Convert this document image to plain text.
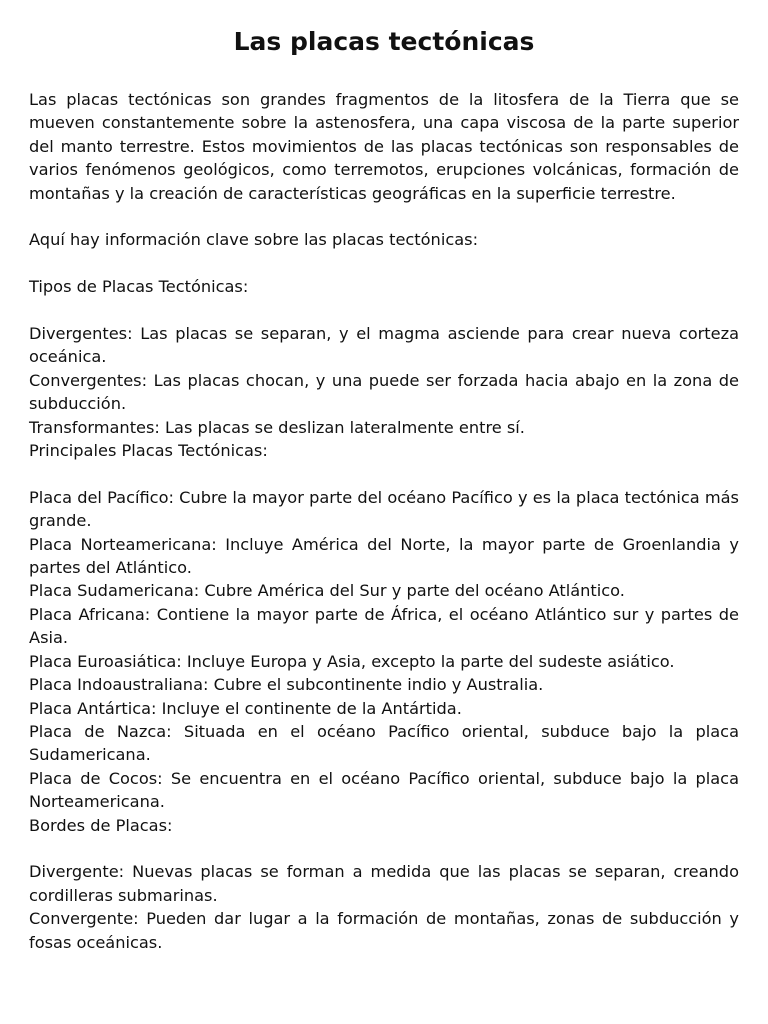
Las placas tectónicas

Las placas tectónicas son grandes fragmentos de la litosfera de la Tierra que se mueven constantemente sobre la astenosfera, una capa viscosa de la parte superior del manto terrestre. Estos movimientos de las placas tectónicas son responsables de varios fenómenos geológicos, como terremotos, erupciones volcánicas, formación de montañas y la creación de características geográficas en la superficie terrestre.

Aquí hay información clave sobre las placas tectónicas:

Tipos de Placas Tectónicas:

Divergentes: Las placas se separan, y el magma asciende para crear nueva corteza oceánica.

Convergentes: Las placas chocan, y una puede ser forzada hacia abajo en la zona de subducción.

Transformantes: Las placas se deslizan lateralmente entre sí.

Principales Placas Tectónicas:

Placa del Pacífico: Cubre la mayor parte del océano Pacífico y es la placa tectónica más grande.

Placa Norteamericana: Incluye América del Norte, la mayor parte de Groenlandia y partes del Atlántico.

Placa Sudamericana: Cubre América del Sur y parte del océano Atlántico.

Placa Africana: Contiene la mayor parte de África, el océano Atlántico sur y partes de Asia.

Placa Euroasiática: Incluye Europa y Asia, excepto la parte del sudeste asiático.

Placa Indoaustraliana: Cubre el subcontinente indio y Australia.

Placa Antártica: Incluye el continente de la Antártida.

Placa de Nazca: Situada en el océano Pacífico oriental, subduce bajo la placa Sudamericana.

Placa de Cocos: Se encuentra en el océano Pacífico oriental, subduce bajo la placa Norteamericana.

Bordes de Placas:

Divergente: Nuevas placas se forman a medida que las placas se separan, creando cordilleras submarinas.

Convergente: Pueden dar lugar a la formación de montañas, zonas de subducción y fosas oceánicas.
